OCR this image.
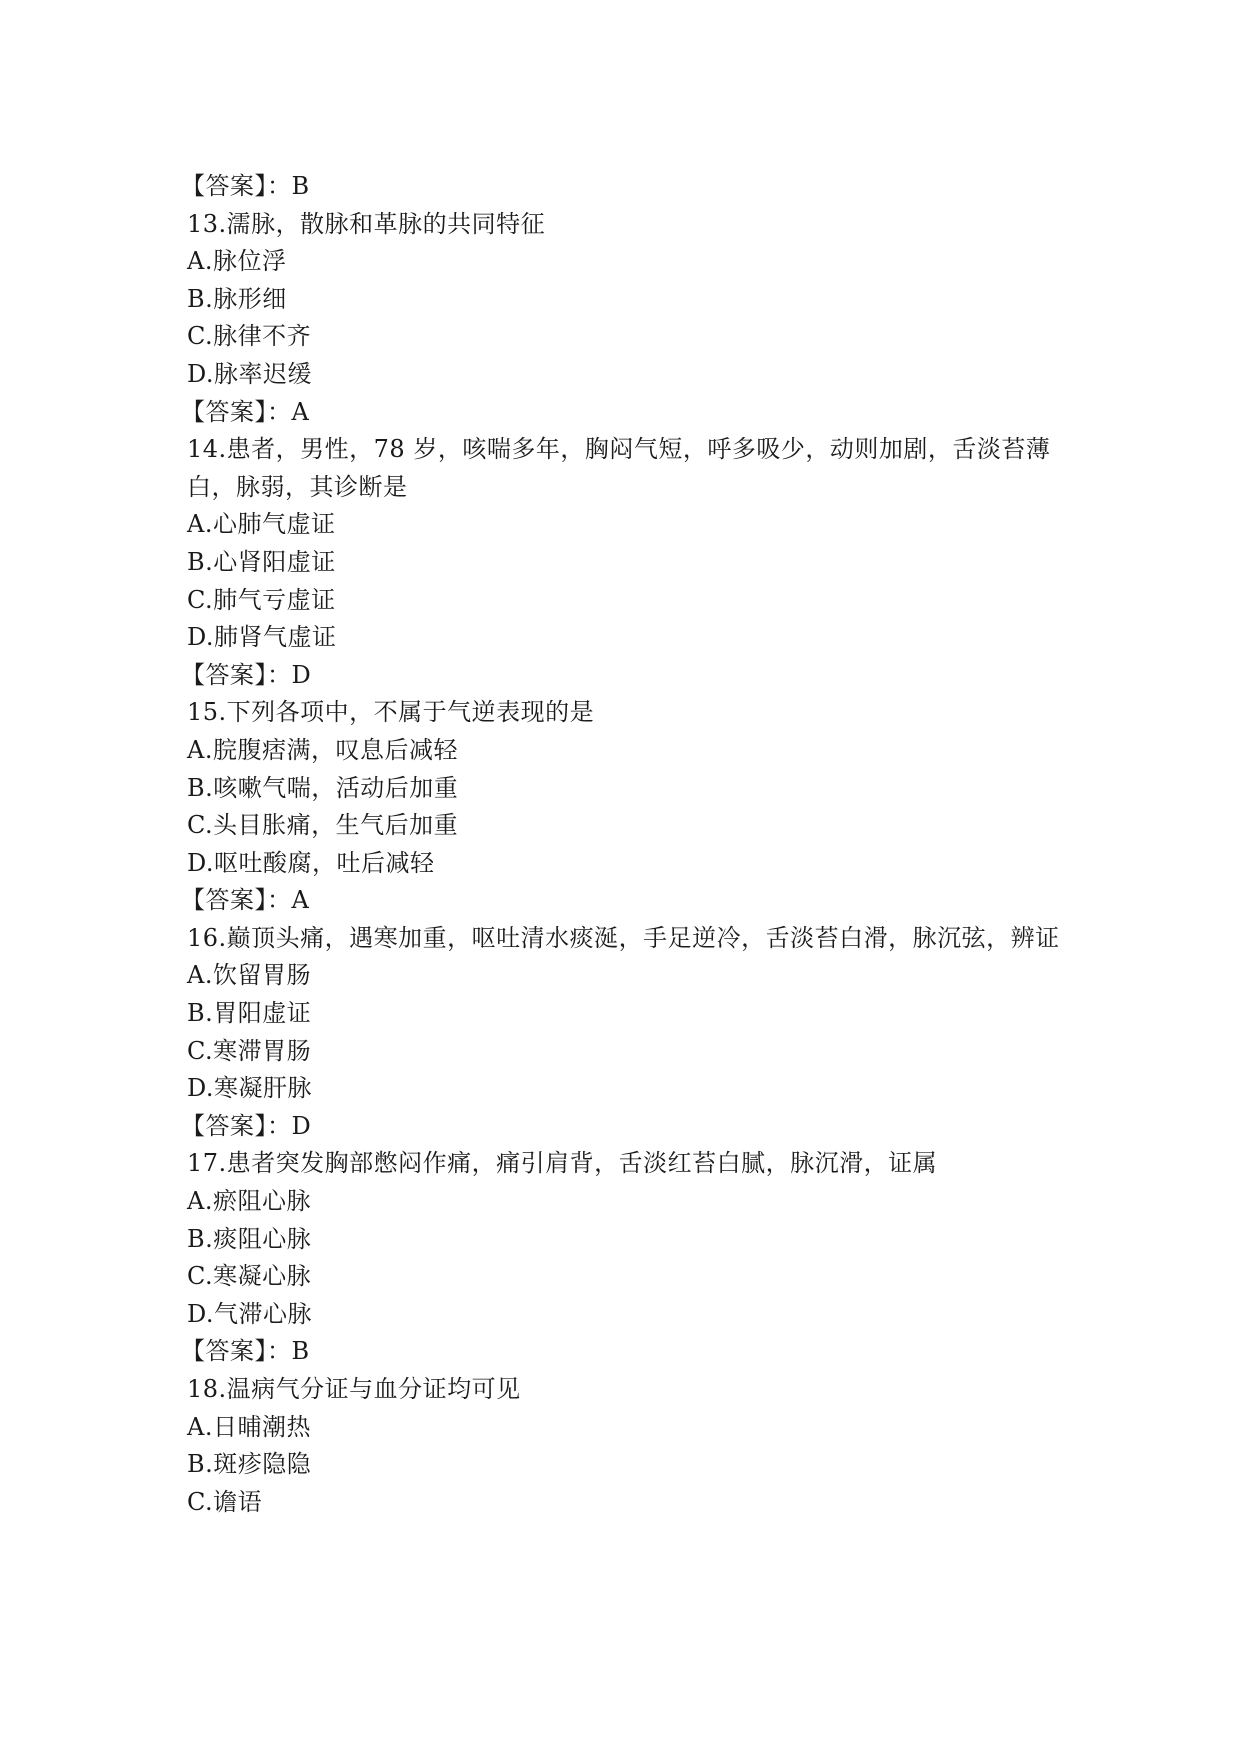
【答案】：B
13.濡脉，散脉和革脉的共同特征
A.脉位浮
B.脉形细
C.脉律不齐
D.脉率迟缓
【答案】：A
14.患者，男性，78 岁，咳喘多年，胸闷气短，呼多吸少，动则加剧，舌淡苔薄白，脉弱，其诊断是
A.心肺气虚证
B.心肾阳虚证
C.肺气亏虚证
D.肺肾气虚证
【答案】：D
15.下列各项中，不属于气逆表现的是
A.脘腹痞满，叹息后减轻
B.咳嗽气喘，活动后加重
C.头目胀痛，生气后加重
D.呕吐酸腐，吐后减轻
【答案】：A
16.巅顶头痛，遇寒加重，呕吐清水痰涎，手足逆冷，舌淡苔白滑，脉沉弦，辨证
A.饮留胃肠
B.胃阳虚证
C.寒滞胃肠
D.寒凝肝脉
【答案】：D
17.患者突发胸部憋闷作痛，痛引肩背，舌淡红苔白腻，脉沉滑，证属
A.瘀阻心脉
B.痰阻心脉
C.寒凝心脉
D.气滞心脉
【答案】：B
18.温病气分证与血分证均可见
A.日晡潮热
B.斑疹隐隐
C.谵语
